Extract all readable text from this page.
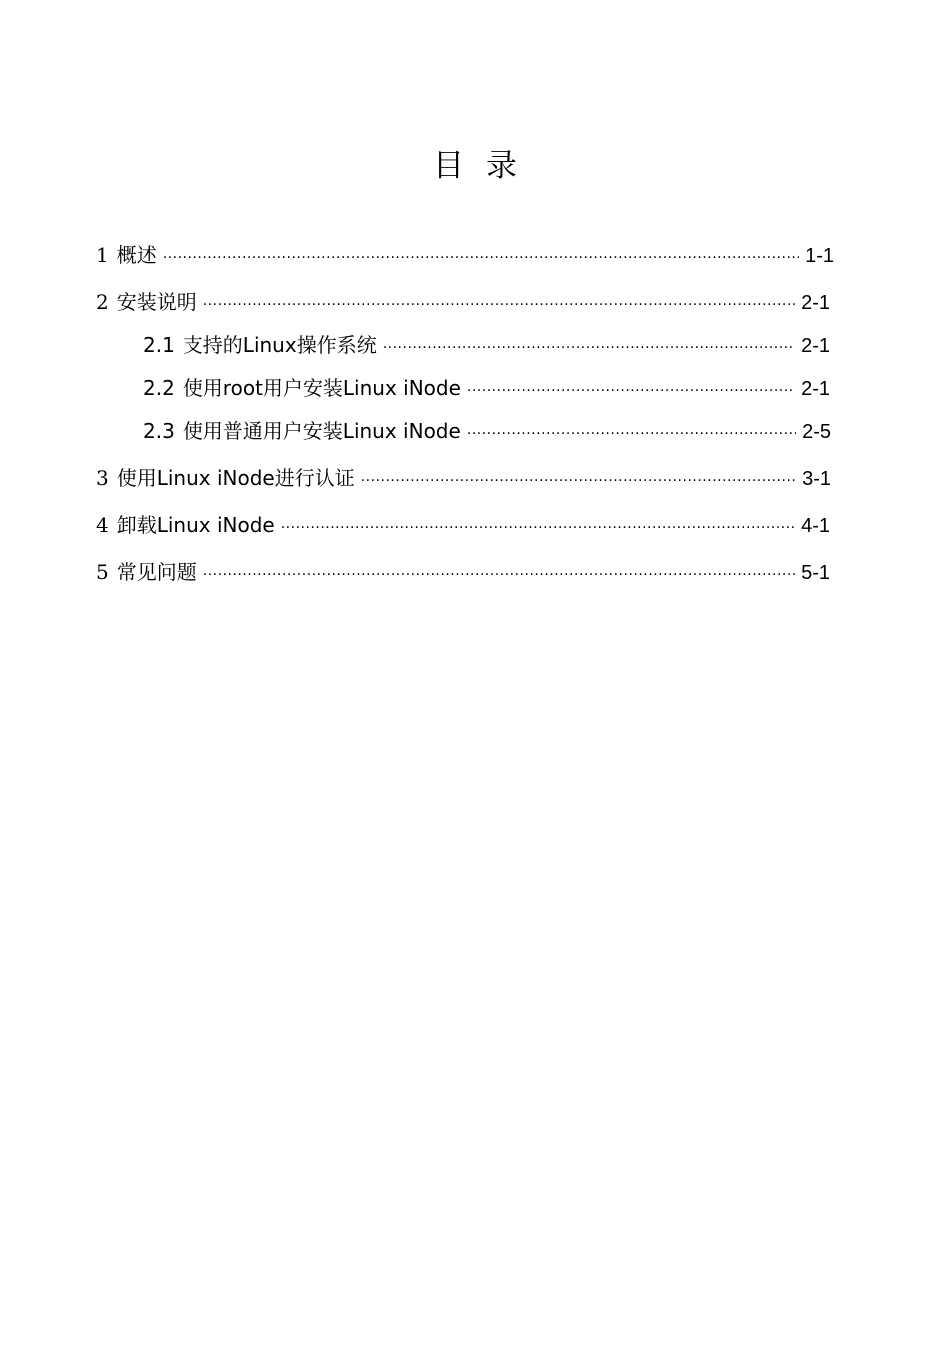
目录
1 概述 ·····	1-1
2 安装说明 ·····	2-1
2.1 支持的Linux操作系统 ·····	2-1
2.2 使用root用户安装Linux iNode ·····	2-1
2.3 使用普通用户安装Linux iNode ·····	2-5
3 使用Linux iNode进行认证 ·····	3-1
4 卸载Linux iNode ·····	4-1
5 常见问题 ·····	5-1
